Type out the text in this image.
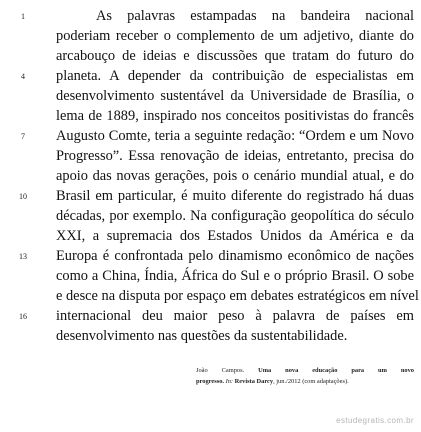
1
4
7
10
13
16
As palavras estampadas na bandeira nacional
poderiam receber o complemento de um adjetivo, diante do
arcabouço de ideias e discussões que tratam do futuro do
planeta. A depender da contribuição de especialistas em
desenvolvimento sustentável da Universidade de Brasília, o
lema de 1889, inspirado nos conceitos positivistas do francês
Augusto Comte, teria a seguinte redação: “Ordem e um Novo
Progresso”. Essa renovação de ideias, entretanto, precisa do
apoio das novas gerações, pois o cenário mundial atual, e do
Brasil em particular, é muito diferente do registrado há duas
décadas, por exemplo. Na configuração geopolítica do século
XXI, a supremacia dos Estados Unidos da América e da
Europa é confrontada pelo dinamismo econômico de nações
como a China, Índia, África do Sul e o próprio Brasil. O sobe
e desce na disputa por espaço em debates estratégicos em nível
internacional deu maior peso à palavra de países em
desenvolvimento nas questões da sustentabilidade.
João Campos. Uma nova educação para um novo
progresso. In: Revista Darcy, jun./2012 (com adaptações).
estudegratis.com.br
